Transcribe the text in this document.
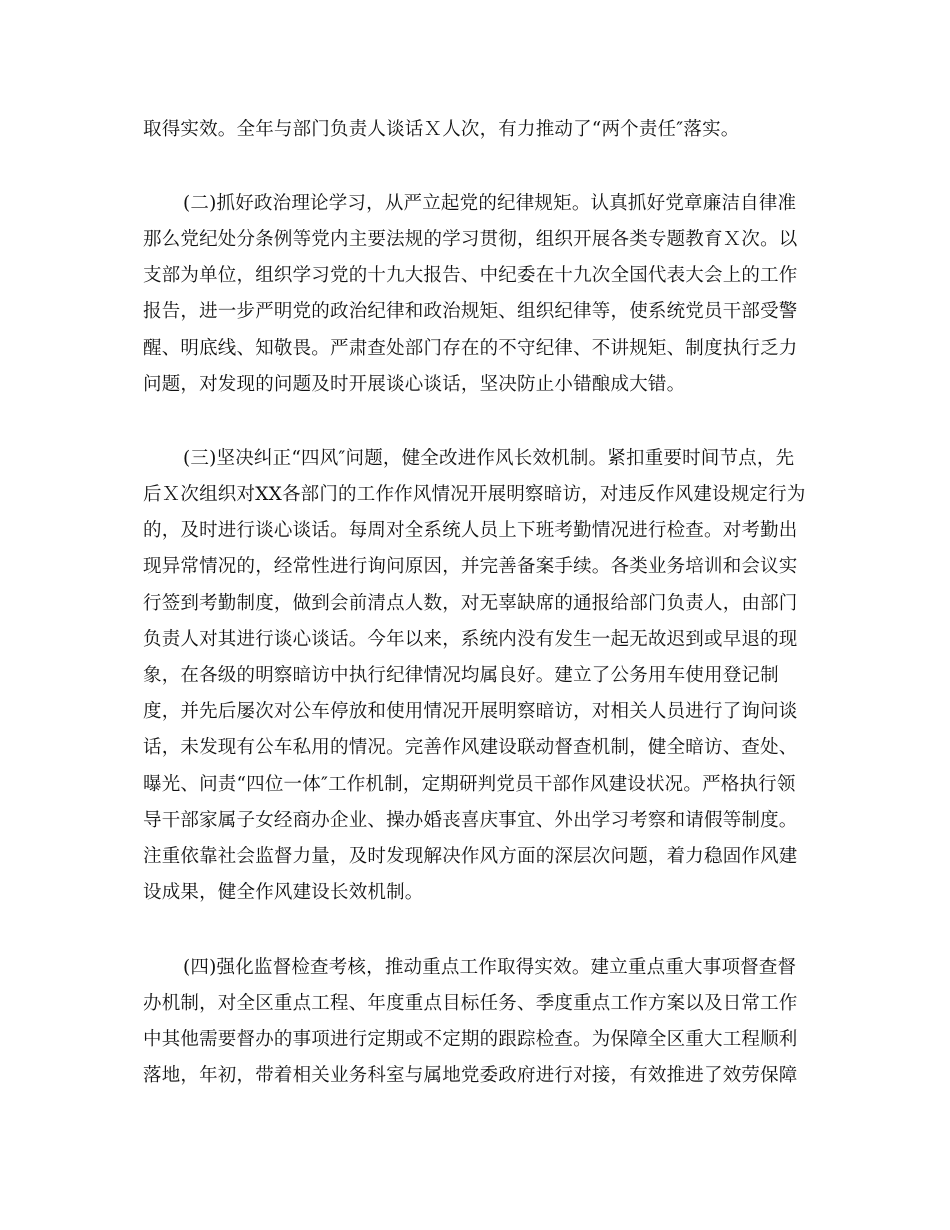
取得实效。全年与部门负责人谈话Ｘ人次，有力推动了“两个责任″落实。
(二)抓好政治理论学习，从严立起党的纪律规矩。认真抓好党章廉洁自律准
那么党纪处分条例等党内主要法规的学习贯彻，组织开展各类专题教育Ｘ次。以
支部为单位，组织学习党的十九大报告、中纪委在十九次全国代表大会上的工作
报告，进一步严明党的政治纪律和政治规矩、组织纪律等，使系统党员干部受警
醒、明底线、知敬畏。严肃查处部门存在的不守纪律、不讲规矩、制度执行乏力
问题，对发现的问题及时开展谈心谈话，坚决防止小错酿成大错。
(三)坚决纠正“四风″问题，健全改进作风长效机制。紧扣重要时间节点，先
后Ｘ次组织对XX各部门的工作作风情况开展明察暗访，对违反作风建设规定行为
的，及时进行谈心谈话。每周对全系统人员上下班考勤情况进行检查。对考勤出
现异常情况的，经常性进行询问原因，并完善备案手续。各类业务培训和会议实
行签到考勤制度，做到会前清点人数，对无辜缺席的通报给部门负责人，由部门
负责人对其进行谈心谈话。今年以来，系统内没有发生一起无故迟到或早退的现
象，在各级的明察暗访中执行纪律情况均属良好。建立了公务用车使用登记制
度，并先后屡次对公车停放和使用情况开展明察暗访，对相关人员进行了询问谈
话，未发现有公车私用的情况。完善作风建设联动督查机制，健全暗访、查处、
曝光、问责“四位一体″工作机制，定期研判党员干部作风建设状况。严格执行领
导干部家属子女经商办企业、操办婚丧喜庆事宜、外出学习考察和请假等制度。
注重依靠社会监督力量，及时发现解决作风方面的深层次问题，着力稳固作风建
设成果，健全作风建设长效机制。
(四)强化监督检查考核，推动重点工作取得实效。建立重点重大事项督查督
办机制，对全区重点工程、年度重点目标任务、季度重点工作方案以及日常工作
中其他需要督办的事项进行定期或不定期的跟踪检查。为保障全区重大工程顺利
落地，年初，带着相关业务科室与属地党委政府进行对接，有效推进了效劳保障
